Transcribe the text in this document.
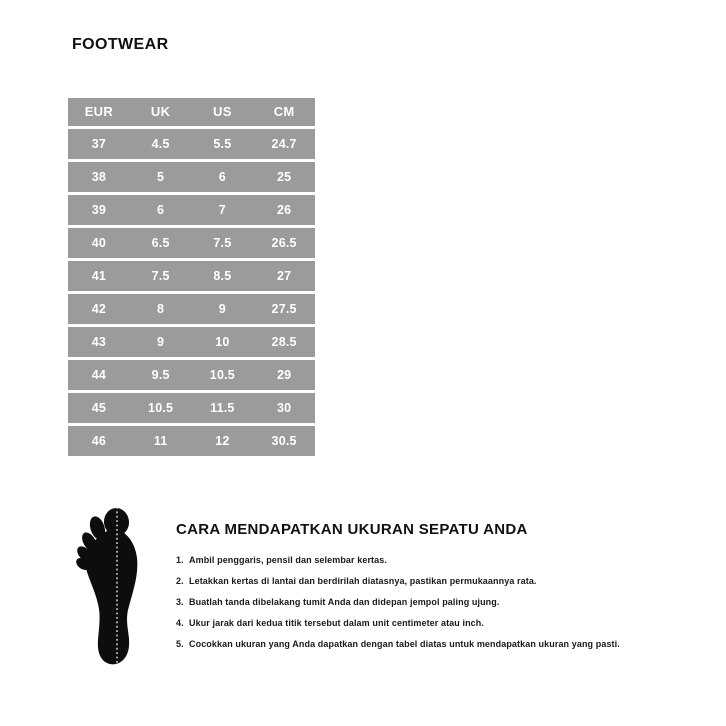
FOOTWEAR
EUR	UK	US	CM
37	4.5	5.5	24.7
38	5	6	25
39	6	7	26
40	6.5	7.5	26.5
41	7.5	8.5	27
42	8	9	27.5
43	9	10	28.5
44	9.5	10.5	29
45	10.5	11.5	30
46	11	12	30.5
CARA MENDAPATKAN UKURAN SEPATU ANDA
1. Ambil penggaris, pensil dan selembar kertas.
2. Letakkan kertas di lantai dan berdirilah diatasnya, pastikan permukaannya rata.
3. Buatlah tanda dibelakang tumit Anda dan didepan jempol paling ujung.
4. Ukur jarak dari kedua titik tersebut dalam unit centimeter atau inch.
5. Cocokkan ukuran yang Anda dapatkan dengan tabel diatas untuk mendapatkan ukuran yang pasti.
